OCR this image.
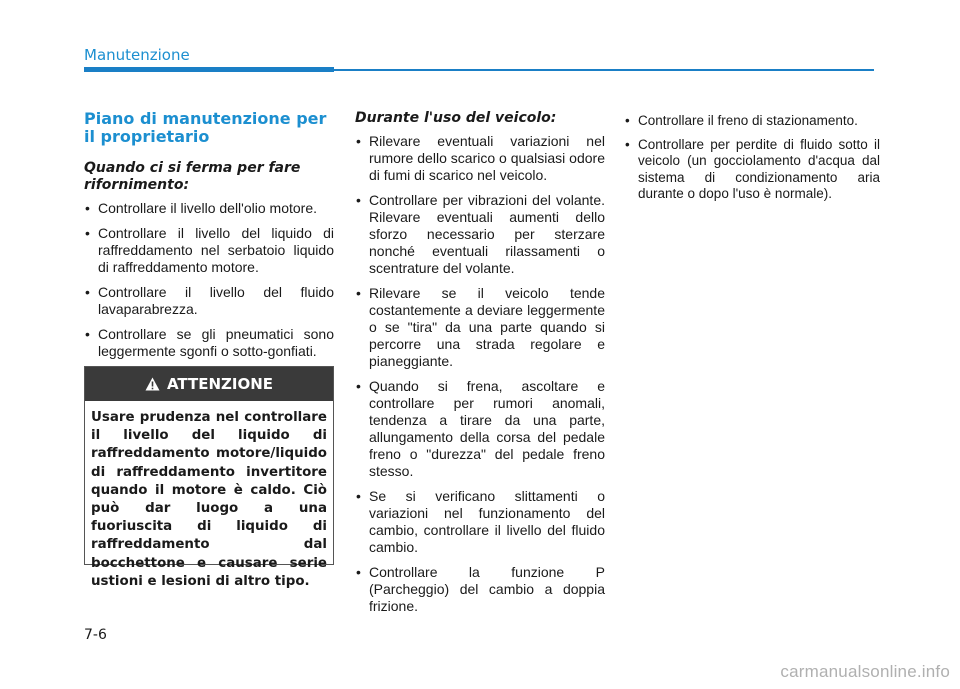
Manutenzione
Piano di manutenzione per il proprietario
Quando ci si ferma per fare rifornimento:
• Controllare il livello dell'olio motore.
• Controllare il livello del liquido di raffreddamento nel serbatoio liquido di raffreddamento motore.
• Controllare il livello del fluido lavaparabrezza.
• Controllare se gli pneumatici sono leggermente sgonfi o sotto-gonfiati.
ATTENZIONE
Usare prudenza nel controllare il livello del liquido di raffreddamento motore/liquido di raffreddamento invertitore quando il motore è caldo. Ciò può dar luogo a una fuoriuscita di liquido di raffreddamento dal bocchettone e causare serie ustioni e lesioni di altro tipo.
Durante l'uso del veicolo:
• Rilevare eventuali variazioni nel rumore dello scarico o qualsiasi odore di fumi di scarico nel veicolo.
• Controllare per vibrazioni del volante. Rilevare eventuali aumenti dello sforzo necessario per sterzare nonché eventuali rilassamenti o scentrature del volante.
• Rilevare se il veicolo tende costantemente a deviare leggermente o se "tira" da una parte quando si percorre una strada regolare e pianeggiante.
• Quando si frena, ascoltare e controllare per rumori anomali, tendenza a tirare da una parte, allungamento della corsa del pedale freno o "durezza" del pedale freno stesso.
• Se si verificano slittamenti o variazioni nel funzionamento del cambio, controllare il livello del fluido cambio.
• Controllare la funzione P (Parcheggio) del cambio a doppia frizione.
• Controllare il freno di stazionamento.
• Controllare per perdite di fluido sotto il veicolo (un gocciolamento d'acqua dal sistema di condizionamento aria durante o dopo l'uso è normale).
7-6
carmanualsonline.info
